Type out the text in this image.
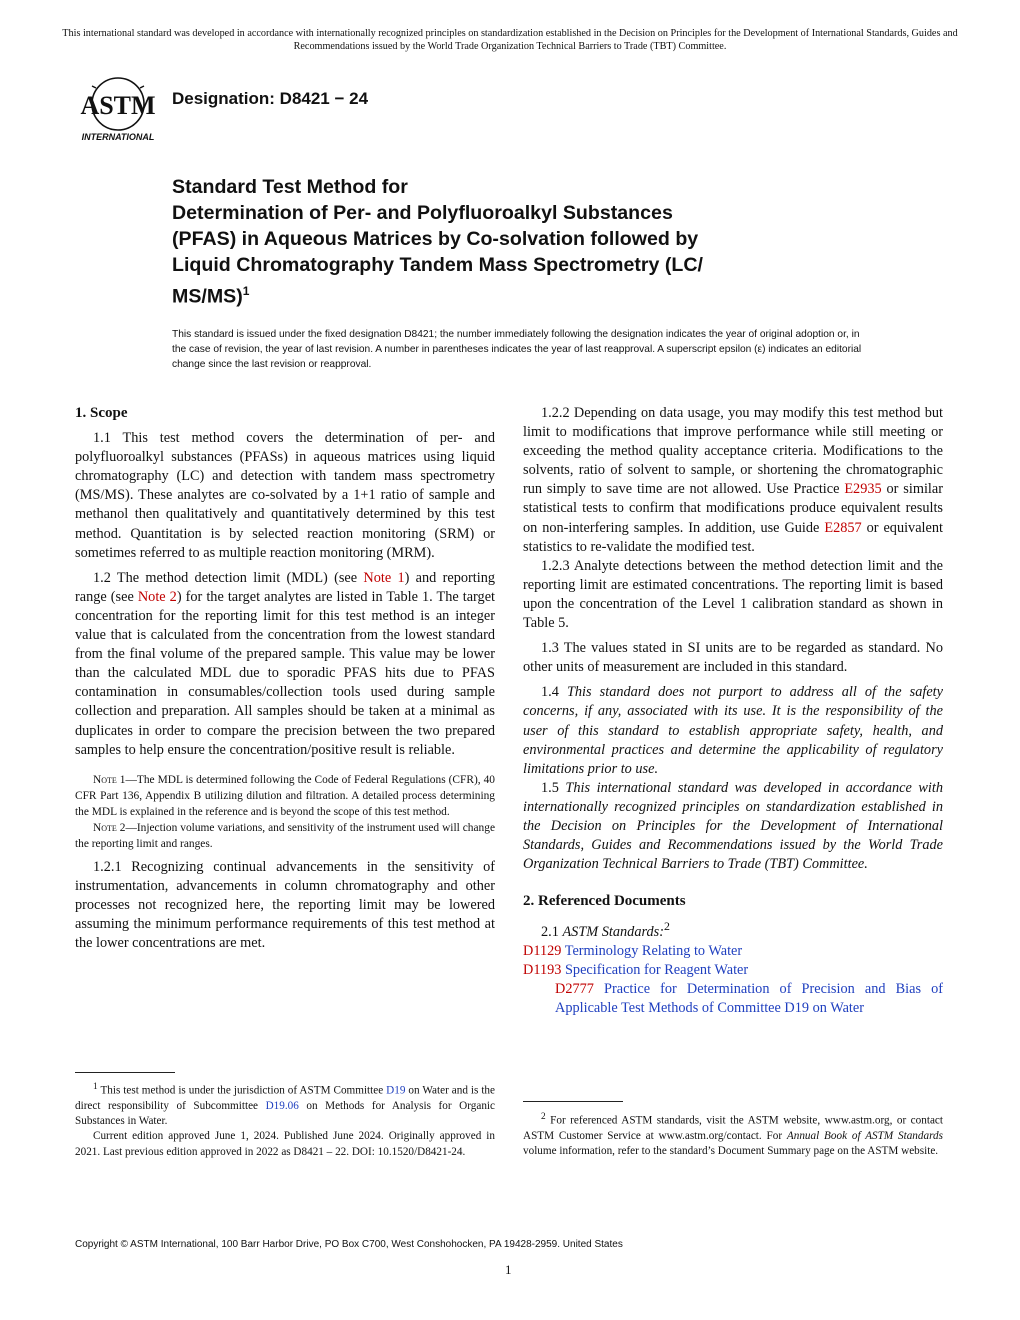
This international standard was developed in accordance with internationally recognized principles on standardization established in the Decision on Principles for the Development of International Standards, Guides and Recommendations issued by the World Trade Organization Technical Barriers to Trade (TBT) Committee.
ASTM
INTERNATIONAL
Designation: D8421 − 24
Standard Test Method for
Determination of Per- and Polyfluoroalkyl Substances
(PFAS) in Aqueous Matrices by Co-solvation followed by
Liquid Chromatography Tandem Mass Spectrometry (LC/
MS/MS)$^1$
This standard is issued under the fixed designation D8421; the number immediately following the designation indicates the year of original adoption or, in the case of revision, the year of last revision. A number in parentheses indicates the year of last reapproval. A superscript epsilon (ε) indicates an editorial change since the last revision or reapproval.
1. Scope

1.1 This test method covers the determination of per- and polyfluoroalkyl substances (PFASs) in aqueous matrices using liquid chromatography (LC) and detection with tandem mass spectrometry (MS/MS). These analytes are co-solvated by a 1+1 ratio of sample and methanol then qualitatively and quantitatively determined by this test method. Quantitation is by selected reaction monitoring (SRM) or sometimes referred to as multiple reaction monitoring (MRM).

1.2 The method detection limit (MDL) (see Note 1) and reporting range (see Note 2) for the target analytes are listed in Table 1. The target concentration for the reporting limit for this test method is an integer value that is calculated from the concentration from the lowest standard from the final volume of the prepared sample. This value may be lower than the calculated MDL due to sporadic PFAS hits due to PFAS contamination in consumables/collection tools used during sample collection and preparation. All samples should be taken at a minimal as duplicates in order to compare the precision between the two prepared samples to help ensure the concentration/positive result is reliable.

Note 1—The MDL is determined following the Code of Federal Regulations (CFR), 40 CFR Part 136, Appendix B utilizing dilution and filtration. A detailed process determining the MDL is explained in the reference and is beyond the scope of this test method.

Note 2—Injection volume variations, and sensitivity of the instrument used will change the reporting limit and ranges.

1.2.1 Recognizing continual advancements in the sensitivity of instrumentation, advancements in column chromatography and other processes not recognized here, the reporting limit may be lowered assuming the minimum performance requirements of this test method at the lower concentrations are met.

$^1$ This test method is under the jurisdiction of ASTM Committee D19 on Water and is the direct responsibility of Subcommittee D19.06 on Methods for Analysis for Organic Substances in Water.

Current edition approved June 1, 2024. Published June 2024. Originally approved in 2021. Last previous edition approved in 2022 as D8421 – 22. DOI: 10.1520/D8421-24.

1.2.2 Depending on data usage, you may modify this test method but limit to modifications that improve performance while still meeting or exceeding the method quality acceptance criteria. Modifications to the solvents, ratio of solvent to sample, or shortening the chromatographic run simply to save time are not allowed. Use Practice E2935 or similar statistical tests to confirm that modifications produce equivalent results on non-interfering samples. In addition, use Guide E2857 or equivalent statistics to re-validate the modified test.

1.2.3 Analyte detections between the method detection limit and the reporting limit are estimated concentrations. The reporting limit is based upon the concentration of the Level 1 calibration standard as shown in Table 5.

1.3 The values stated in SI units are to be regarded as standard. No other units of measurement are included in this standard.

1.4 This standard does not purport to address all of the safety concerns, if any, associated with its use. It is the responsibility of the user of this standard to establish appropriate safety, health, and environmental practices and determine the applicability of regulatory limitations prior to use.

1.5 This international standard was developed in accordance with internationally recognized principles on standardization established in the Decision on Principles for the Development of International Standards, Guides and Recommendations issued by the World Trade Organization Technical Barriers to Trade (TBT) Committee.

2. Referenced Documents

2.1 ASTM Standards:$^2$

D1129 Terminology Relating to Water
D1193 Specification for Reagent Water
D2777 Practice for Determination of Precision and Bias of Applicable Test Methods of Committee D19 on Water

$^2$ For referenced ASTM standards, visit the ASTM website, www.astm.org, or contact ASTM Customer Service at www.astm.org/contact. For Annual Book of ASTM Standards volume information, refer to the standard’s Document Summary page on the ASTM website.

Copyright © ASTM International, 100 Barr Harbor Drive, PO Box C700, West Conshohocken, PA 19428-2959. United States
1
